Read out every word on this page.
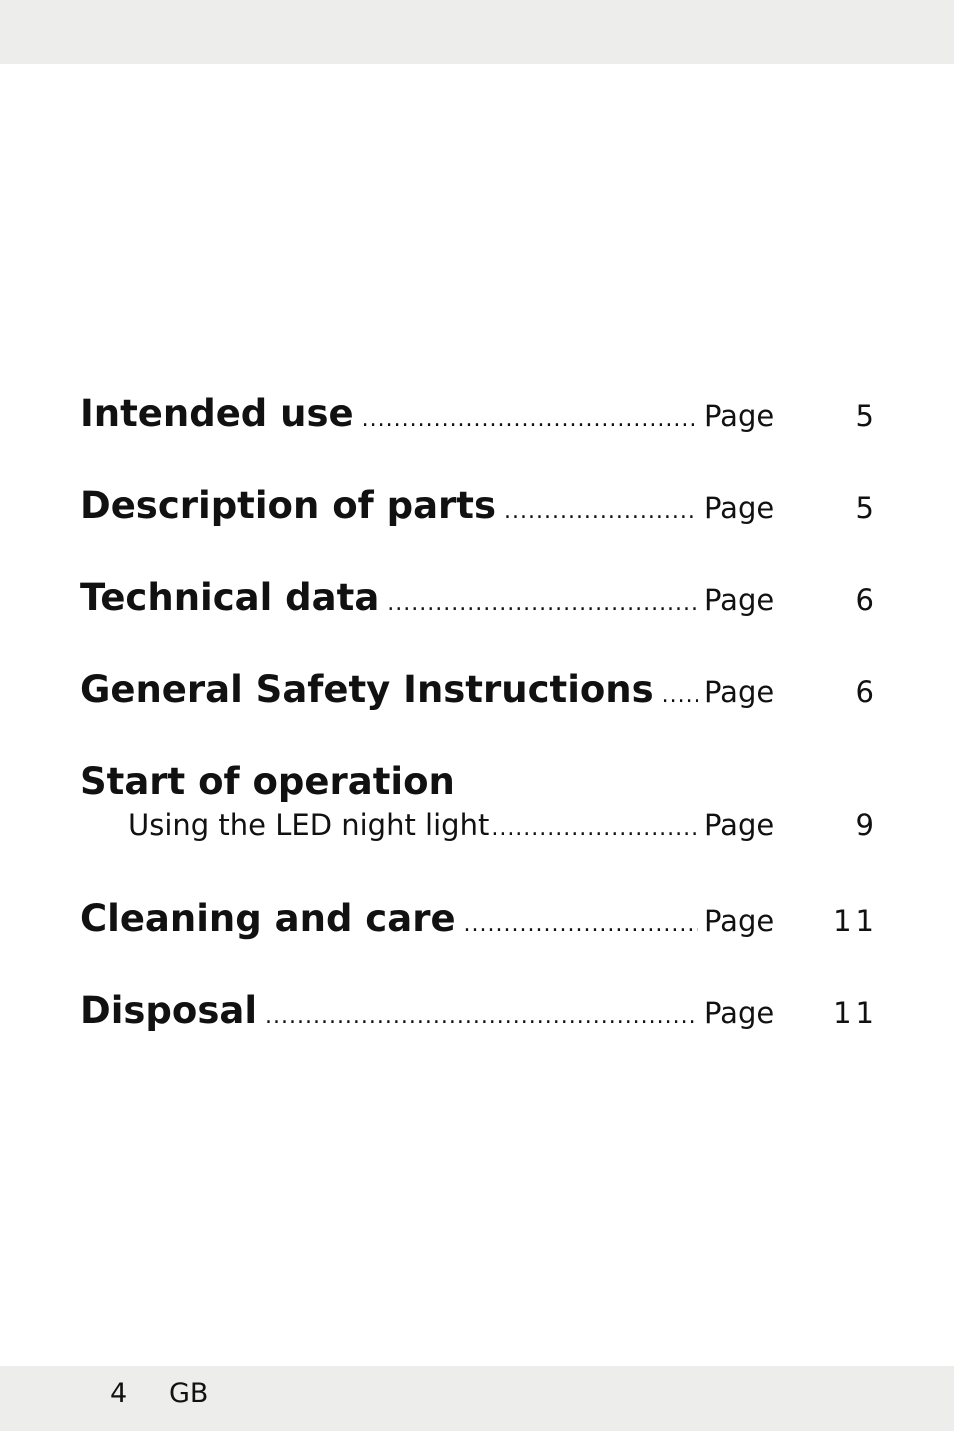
Intended use .....	Page	5
Description of parts .....	Page	5
Technical data .....	Page	6
General Safety Instructions ..... Page	6
Start of operation
Using the LED night light .....	Page	9
Cleaning and care .....	Page	11
Disposal .....	Page	11
4 GB
